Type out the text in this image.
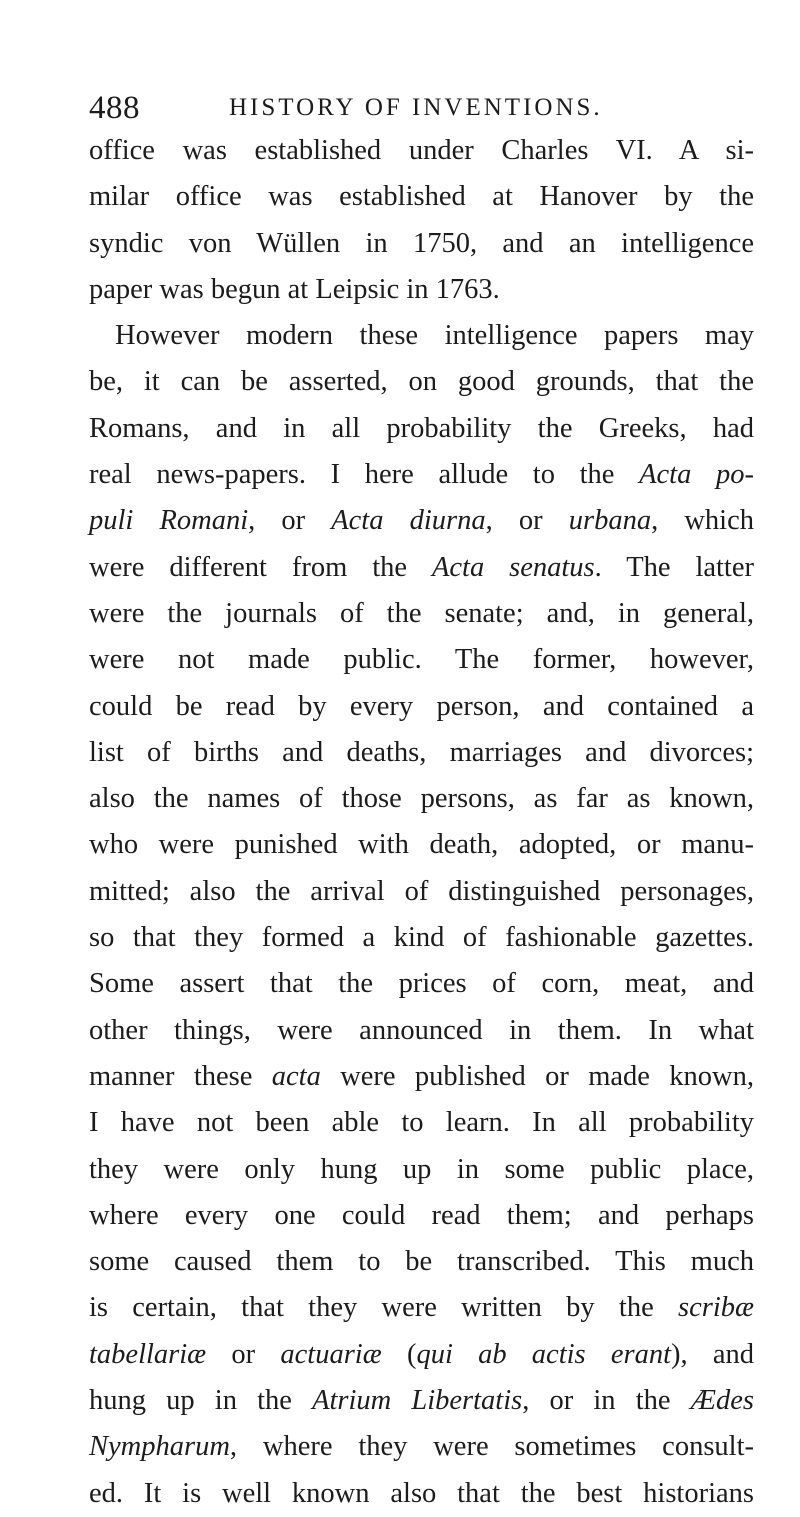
488	HISTORY OF INVENTIONS.
office was established under Charles VI. A si-
milar office was established at Hanover by the
syndic von Wüllen in 1750, and an intelligence
paper was begun at Leipsic in 1763.
However modern these intelligence papers may
be, it can be asserted, on good grounds, that the
Romans, and in all probability the Greeks, had
real news-papers. I here allude to the Acta po-
puli Romani, or Acta diurna, or urbana, which
were different from the Acta senatus. The latter
were the journals of the senate; and, in general,
were not made public. The former, however,
could be read by every person, and contained a
list of births and deaths, marriages and divorces;
also the names of those persons, as far as known,
who were punished with death, adopted, or manu-
mitted; also the arrival of distinguished personages,
so that they formed a kind of fashionable gazettes.
Some assert that the prices of corn, meat, and
other things, were announced in them. In what
manner these acta were published or made known,
I have not been able to learn. In all probability
they were only hung up in some public place,
where every one could read them; and perhaps
some caused them to be transcribed. This much
is certain, that they were written by the scribæ
tabellariæ or actuariæ (qui ab actis erant), and
hung up in the Atrium Libertatis, or in the Ædes
Nympharum, where they were sometimes consult-
ed. It is well known also that the best historians
